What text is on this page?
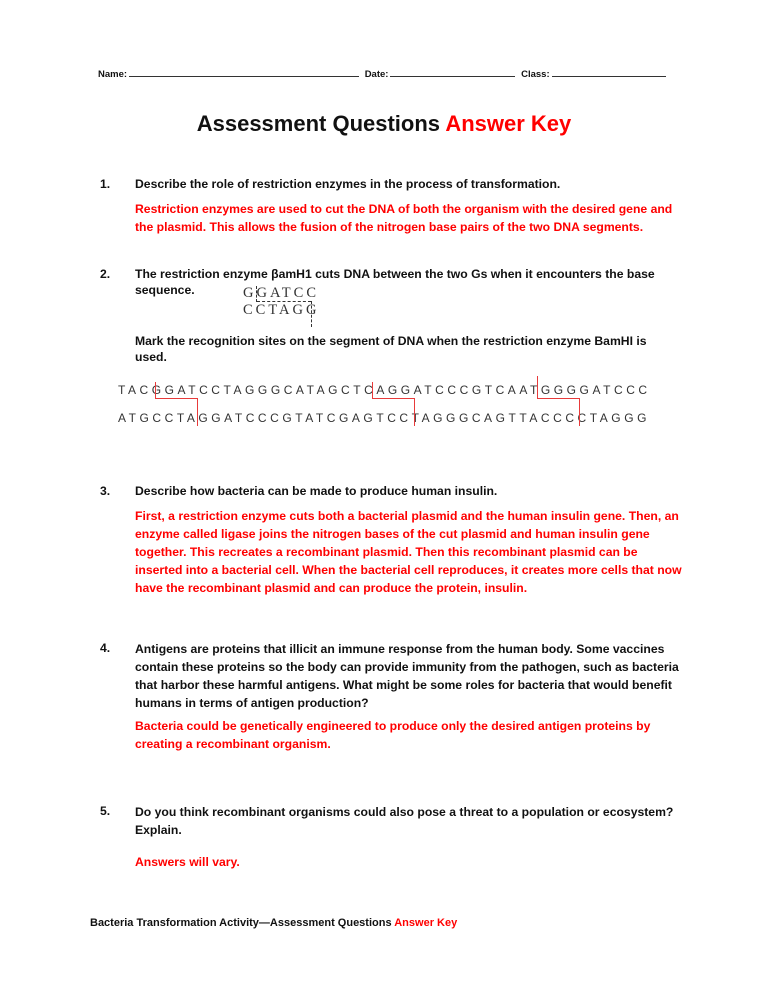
Name:	Date:	Class:
Assessment Questions Answer Key
1. Describe the role of restriction enzymes in the process of transformation.
Restriction enzymes are used to cut the DNA of both the organism with the desired gene and the plasmid. This allows the fusion of the nitrogen base pairs of the two DNA segments.
2. The restriction enzyme βamH1 cuts DNA between the two Gs when it encounters the base sequence.	GGATCC
CCTAGG
Mark the recognition sites on the segment of DNA when the restriction enzyme BamHI is used.
TACGGATCCTAGGGCATAGCTCAGGATCCCGTCAATGGGGATCCC
ATGCCTAGGATCCCGTATCGAGTCCTAGGGCAGTTACCCCTAGGG
3. Describe how bacteria can be made to produce human insulin.
First, a restriction enzyme cuts both a bacterial plasmid and the human insulin gene. Then, an enzyme called ligase joins the nitrogen bases of the cut plasmid and human insulin gene together. This recreates a recombinant plasmid. Then this recombinant plasmid can be inserted into a bacterial cell. When the bacterial cell reproduces, it creates more cells that now have the recombinant plasmid and can produce the protein, insulin.
4. Antigens are proteins that illicit an immune response from the human body. Some vaccines contain these proteins so the body can provide immunity from the pathogen, such as bacteria that harbor these harmful antigens. What might be some roles for bacteria that would benefit humans in terms of antigen production?
Bacteria could be genetically engineered to produce only the desired antigen proteins by creating a recombinant organism.
5. Do you think recombinant organisms could also pose a threat to a population or ecosystem? Explain.
Answers will vary.
Bacteria Transformation Activity—Assessment Questions Answer Key
